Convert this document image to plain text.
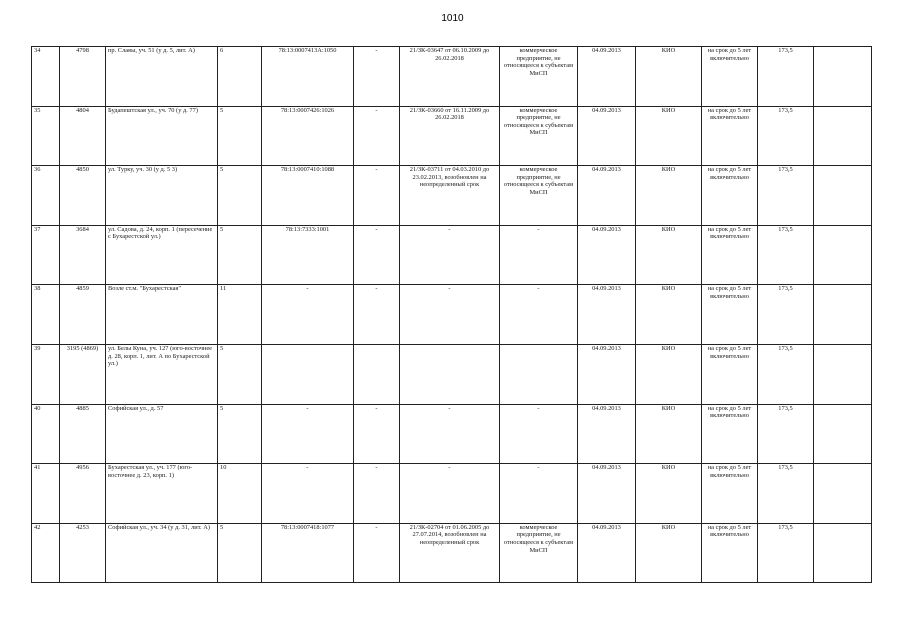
1010
34	4798	пр. Славы, уч. 51 (у д. 5, лит. А)	6	78:13:0007413А:1050	-	21/ЗК-03647 от 06.10.2009 до 26.02.2018	коммерческое предприятие, не относящееся к субъектам МиСП	04.09.2013	КИО	на срок до 5 лет включительно	173,5	
35	4804	Будапештская ул., уч. 70 (у д. 77)	5	78:13:0007426:1026	-	21/ЗК-03660 от 16.11.2009 до 26.02.2018	коммерческое предприятие, не относящееся к субъектам МиСП	04.09.2013	КИО	на срок до 5 лет включительно	173,5	
36	4850	ул. Турку, уч. 30 (у д. 5 3)	5	78:13:0007410:1088	-	21/ЗК-03711 от 04.03.2010 до 23.02.2013, возобновлен на неопределенный срок	коммерческое предприятие, не относящееся к субъектам МиСП	04.09.2013	КИО	на срок до 5 лет включительно	173,5	
37	3684	ул. Садова, д. 24, корп. 1 (пересечение с Бухарестской ул.)	5	78:13:7333:1001	-	-	-	04.09.2013	КИО	на срок до 5 лет включительно	173,5	
38	4859	Возле ст.м. "Бухарестская"	11	-	-	-	-	04.09.2013	КИО	на срок до 5 лет включительно	173,5	
39	3195 (4869)	ул. Белы Куна, уч. 127 (юго-восточнее д. 28, корп. 1, лит. А по Бухарестской ул.)	5					04.09.2013	КИО	на срок до 5 лет включительно	173,5	
40	4885	Софийская ул., д. 57	5	-	-	-	-	04.09.2013	КИО	на срок до 5 лет включительно	173,5	
41	4956	Бухарестская ул., уч. 177 (юго-восточнее д. 23, корп. 1)	10	-	-	-	-	04.09.2013	КИО	на срок до 5 лет включительно	173,5	
42	4253	Софийская ул., уч. 34 (у д. 31, лит. А)	5	78:13:0007418:1077	-	21/ЗК-02704 от 01.06.2005 до 27.07.2014, возобновлен на неопределенный срок	коммерческое предприятие, не относящееся к субъектам МиСП	04.09.2013	КИО	на срок до 5 лет включительно	173,5	
